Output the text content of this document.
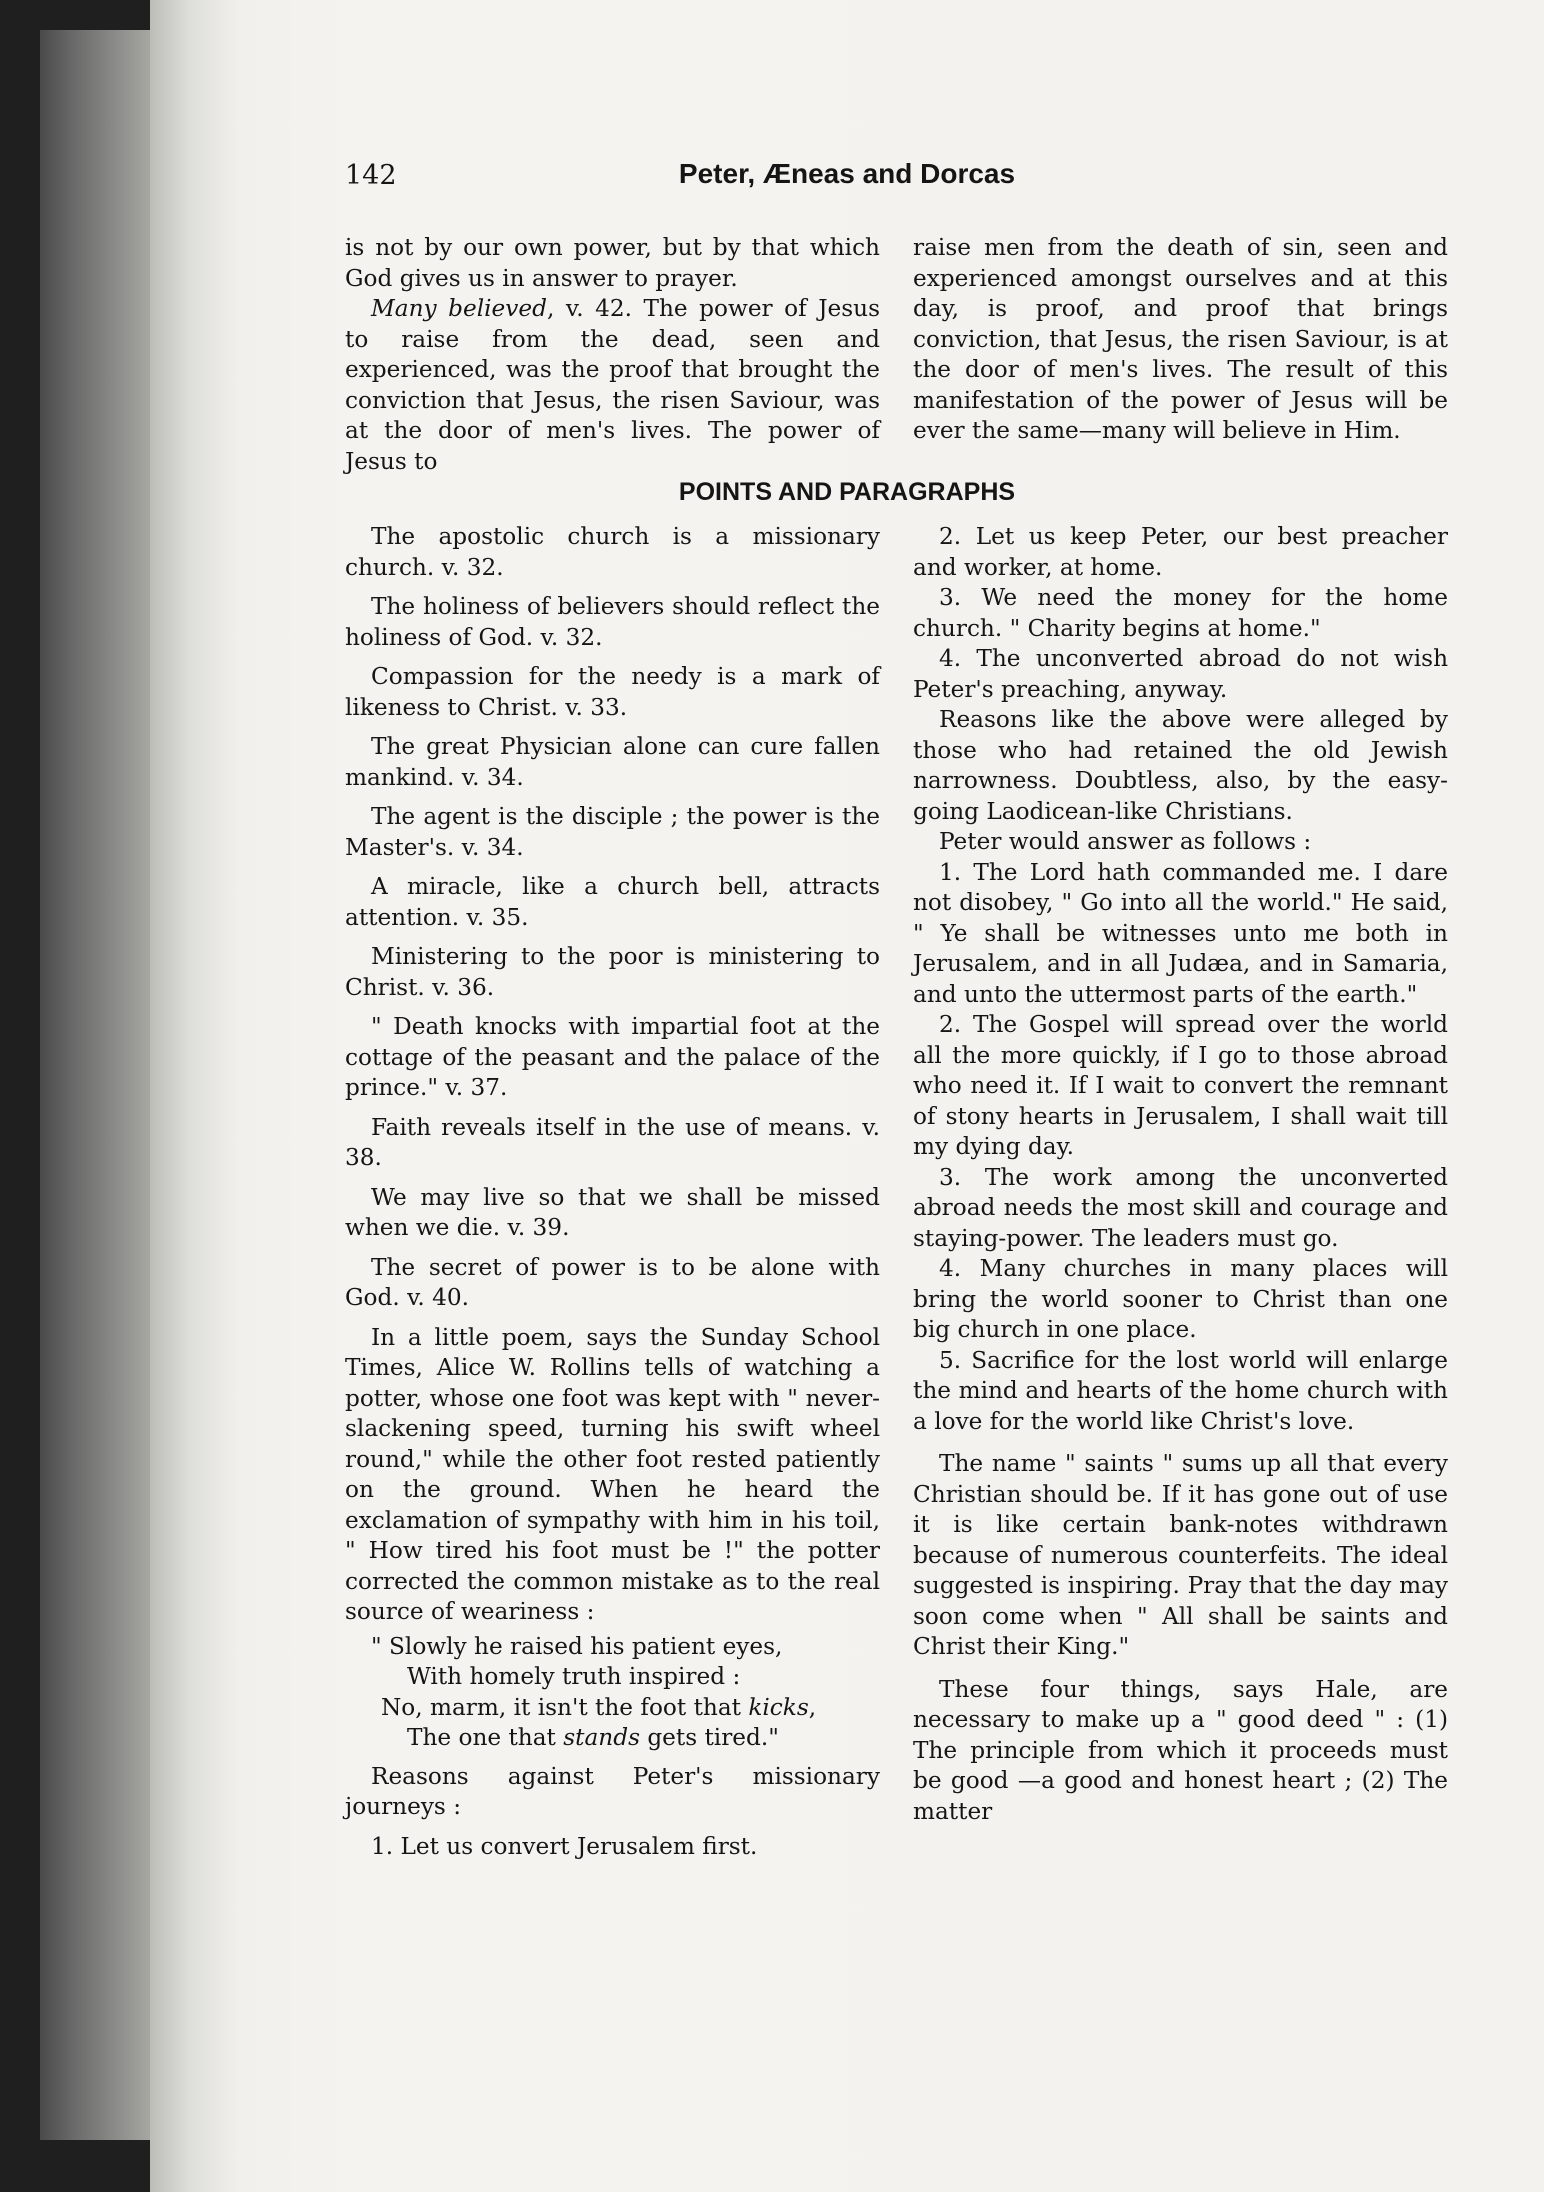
142	Peter, Æneas and Dorcas

is not by our own power, but by that which God gives us in answer to prayer.

Many believed, v. 42. The power of Jesus to raise from the dead, seen and experienced, was the proof that brought the conviction that Jesus, the risen Saviour, was at the door of men's lives. The power of Jesus to

raise men from the death of sin, seen and experienced amongst ourselves and at this day, is proof, and proof that brings conviction, that Jesus, the risen Saviour, is at the door of men's lives. The result of this manifestation of the power of Jesus will be ever the same—many will believe in Him.

POINTS AND PARAGRAPHS

The apostolic church is a missionary church. v. 32.

The holiness of believers should reflect the holiness of God. v. 32.

Compassion for the needy is a mark of likeness to Christ. v. 33.

The great Physician alone can cure fallen mankind. v. 34.

The agent is the disciple ; the power is the Master's. v. 34.

A miracle, like a church bell, attracts attention. v. 35.

Ministering to the poor is ministering to Christ. v. 36.

" Death knocks with impartial foot at the cottage of the peasant and the palace of the prince." v. 37.

Faith reveals itself in the use of means. v. 38.

We may live so that we shall be missed when we die. v. 39.

The secret of power is to be alone with God. v. 40.

In a little poem, says the Sunday School Times, Alice W. Rollins tells of watching a potter, whose one foot was kept with " never-slackening speed, turning his swift wheel round," while the other foot rested patiently on the ground. When he heard the exclamation of sympathy with him in his toil, " How tired his foot must be !" the potter corrected the common mistake as to the real source of weariness :

" Slowly he raised his patient eyes,
With homely truth inspired :
No, marm, it isn't the foot that kicks,
The one that stands gets tired."

Reasons against Peter's missionary journeys :

1. Let us convert Jerusalem first.

2. Let us keep Peter, our best preacher and worker, at home.

3. We need the money for the home church. " Charity begins at home."

4. The unconverted abroad do not wish Peter's preaching, anyway.

Reasons like the above were alleged by those who had retained the old Jewish narrowness. Doubtless, also, by the easy-going Laodicean-like Christians.

Peter would answer as follows :

1. The Lord hath commanded me. I dare not disobey, " Go into all the world." He said, " Ye shall be witnesses unto me both in Jerusalem, and in all Judæa, and in Samaria, and unto the uttermost parts of the earth."

2. The Gospel will spread over the world all the more quickly, if I go to those abroad who need it. If I wait to convert the remnant of stony hearts in Jerusalem, I shall wait till my dying day.

3. The work among the unconverted abroad needs the most skill and courage and staying-power. The leaders must go.

4. Many churches in many places will bring the world sooner to Christ than one big church in one place.

5. Sacrifice for the lost world will enlarge the mind and hearts of the home church with a love for the world like Christ's love.

The name " saints " sums up all that every Christian should be. If it has gone out of use it is like certain bank-notes withdrawn because of numerous counterfeits. The ideal suggested is inspiring. Pray that the day may soon come when " All shall be saints and Christ their King."

These four things, says Hale, are necessary to make up a " good deed " : (1) The principle from which it proceeds must be good —a good and honest heart ; (2) The matter
